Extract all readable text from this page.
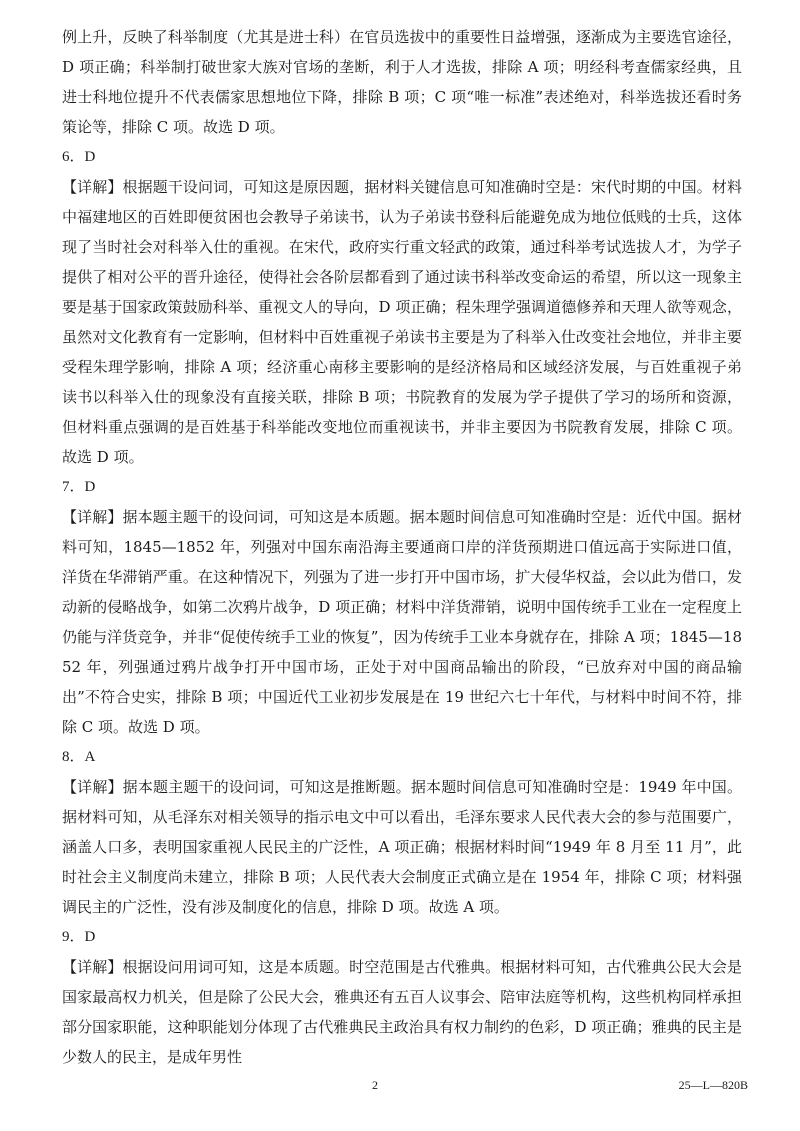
例上升，反映了科举制度（尤其是进士科）在官员选拔中的重要性日益增强，逐渐成为主要选官途径，D 项正确；科举制打破世家大族对官场的垄断，利于人才选拔，排除 A 项；明经科考查儒家经典，且进士科地位提升不代表儒家思想地位下降，排除 B 项；C 项“唯一标准”表述绝对，科举选拔还看时务策论等，排除 C 项。故选 D 项。

6．D

【详解】根据题干设问词，可知这是原因题，据材料关键信息可知准确时空是：宋代时期的中国。材料中福建地区的百姓即便贫困也会教导子弟读书，认为子弟读书登科后能避免成为地位低贱的士兵，这体现了当时社会对科举入仕的重视。在宋代，政府实行重文轻武的政策，通过科举考试选拔人才，为学子提供了相对公平的晋升途径，使得社会各阶层都看到了通过读书科举改变命运的希望，所以这一现象主要是基于国家政策鼓励科举、重视文人的导向，D 项正确；程朱理学强调道德修养和天理人欲等观念，虽然对文化教育有一定影响，但材料中百姓重视子弟读书主要是为了科举入仕改变社会地位，并非主要受程朱理学影响，排除 A 项；经济重心南移主要影响的是经济格局和区域经济发展，与百姓重视子弟读书以科举入仕的现象没有直接关联，排除 B 项；书院教育的发展为学子提供了学习的场所和资源，但材料重点强调的是百姓基于科举能改变地位而重视读书，并非主要因为书院教育发展，排除 C 项。故选 D 项。

7．D

【详解】据本题主题干的设问词，可知这是本质题。据本题时间信息可知准确时空是：近代中国。据材料可知，1845—1852 年，列强对中国东南沿海主要通商口岸的洋货预期进口值远高于实际进口值，洋货在华滞销严重。在这种情况下，列强为了进一步打开中国市场，扩大侵华权益，会以此为借口，发动新的侵略战争，如第二次鸦片战争，D 项正确；材料中洋货滞销，说明中国传统手工业在一定程度上仍能与洋货竞争，并非“促使传统手工业的恢复”，因为传统手工业本身就存在，排除 A 项；1845—1852 年，列强通过鸦片战争打开中国市场，正处于对中国商品输出的阶段，“已放弃对中国的商品输出”不符合史实，排除 B 项；中国近代工业初步发展是在 19 世纪六七十年代，与材料中时间不符，排除 C 项。故选 D 项。

8．A

【详解】据本题主题干的设问词，可知这是推断题。据本题时间信息可知准确时空是：1949 年中国。据材料可知，从毛泽东对相关领导的指示电文中可以看出，毛泽东要求人民代表大会的参与范围要广，涵盖人口多，表明国家重视人民民主的广泛性，A 项正确；根据材料时间“1949 年 8 月至 11 月”，此时社会主义制度尚未建立，排除 B 项；人民代表大会制度正式确立是在 1954 年，排除 C 项；材料强调民主的广泛性，没有涉及制度化的信息，排除 D 项。故选 A 项。

9．D

【详解】根据设问用词可知，这是本质题。时空范围是古代雅典。根据材料可知，古代雅典公民大会是国家最高权力机关，但是除了公民大会，雅典还有五百人议事会、陪审法庭等机构，这些机构同样承担部分国家职能，这种职能划分体现了古代雅典民主政治具有权力制约的色彩，D 项正确；雅典的民主是少数人的民主，是成年男性

2	25—L—820B
